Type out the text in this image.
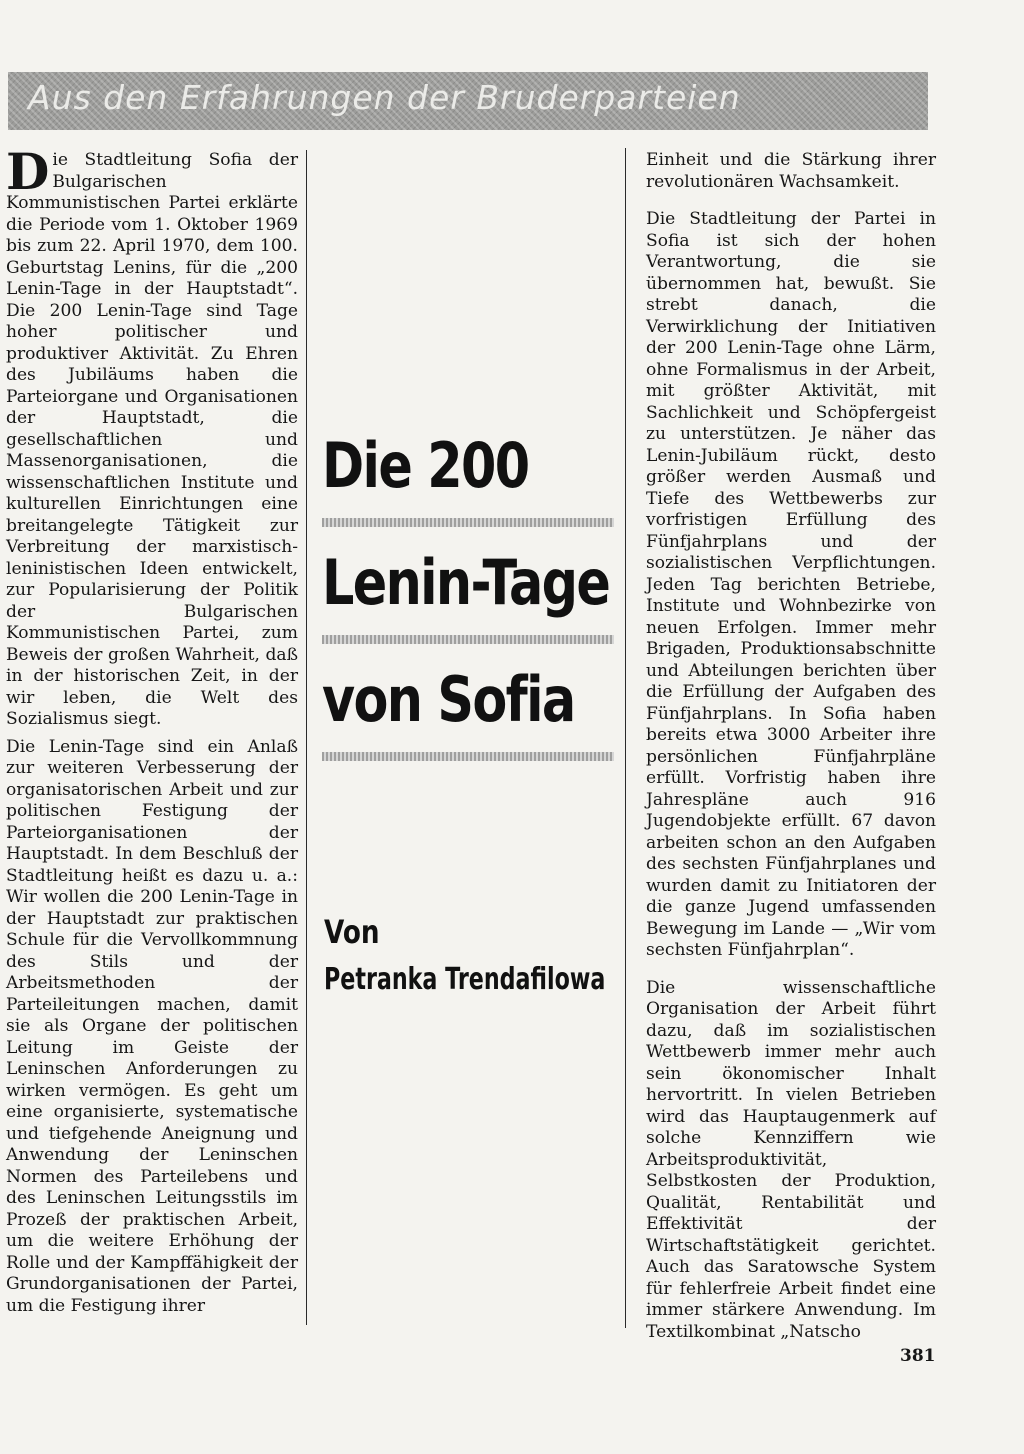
Aus den Erfahrungen der Bruderparteien

Die Stadtleitung Sofia der Bulgarischen Kommunistischen Partei erklärte die Periode vom 1. Oktober 1969 bis zum 22. April 1970, dem 100. Geburtstag Lenins, für die „200 Lenin-Tage in der Hauptstadt“. Die 200 Lenin-Tage sind Tage hoher politischer und produktiver Aktivität. Zu Ehren des Jubiläums haben die Parteiorgane und Organisationen der Hauptstadt, die gesellschaftlichen und Massenorganisationen, die wissenschaftlichen Institute und kulturellen Einrichtungen eine breitangelegte Tätigkeit zur Verbreitung der marxistisch-leninistischen Ideen entwickelt, zur Popularisierung der Politik der Bulgarischen Kommunistischen Partei, zum Beweis der großen Wahrheit, daß in der historischen Zeit, in der wir leben, die Welt des Sozialismus siegt.

Die Lenin-Tage sind ein Anlaß zur weiteren Verbesserung der organisatorischen Arbeit und zur politischen Festigung der Parteiorganisationen der Hauptstadt. In dem Beschluß der Stadtleitung heißt es dazu u. a.: Wir wollen die 200 Lenin-Tage in der Hauptstadt zur praktischen Schule für die Vervollkommnung des Stils und der Arbeitsmethoden der Parteileitungen machen, damit sie als Organe der politischen Leitung im Geiste der Leninschen Anforderungen zu wirken vermögen. Es geht um eine organisierte, systematische und tiefgehende Aneignung und Anwendung der Leninschen Normen des Parteilebens und des Leninschen Leitungsstils im Prozeß der praktischen Arbeit, um die weitere Erhöhung der Rolle und der Kampffähigkeit der Grundorganisationen der Partei, um die Festigung ihrer

Die 200
Lenin-Tage
von Sofia
Von
Petranka Trendafilowa

Einheit und die Stärkung ihrer revolutionären Wachsamkeit.

Die Stadtleitung der Partei in Sofia ist sich der hohen Verantwortung, die sie übernommen hat, bewußt. Sie strebt danach, die Verwirklichung der Initiativen der 200 Lenin-Tage ohne Lärm, ohne Formalismus in der Arbeit, mit größter Aktivität, mit Sachlichkeit und Schöpfergeist zu unterstützen. Je näher das Lenin-Jubiläum rückt, desto größer werden Ausmaß und Tiefe des Wettbewerbs zur vorfristigen Erfüllung des Fünfjahrplans und der sozialistischen Verpflichtungen. Jeden Tag berichten Betriebe, Institute und Wohnbezirke von neuen Erfolgen. Immer mehr Brigaden, Produktionsabschnitte und Abteilungen berichten über die Erfüllung der Aufgaben des Fünfjahrplans. In Sofia haben bereits etwa 3000 Arbeiter ihre persönlichen Fünfjahrpläne erfüllt. Vorfristig haben ihre Jahrespläne auch 916 Jugendobjekte erfüllt. 67 davon arbeiten schon an den Aufgaben des sechsten Fünfjahrplanes und wurden damit zu Initiatoren der die ganze Jugend umfassenden Bewegung im Lande — „Wir vom sechsten Fünfjahrplan“.

Die wissenschaftliche Organisation der Arbeit führt dazu, daß im sozialistischen Wettbewerb immer mehr auch sein ökonomischer Inhalt hervortritt. In vielen Betrieben wird das Hauptaugenmerk auf solche Kennziffern wie Arbeitsproduktivität, Selbstkosten der Produktion, Qualität, Rentabilität und Effektivität der Wirtschaftstätigkeit gerichtet. Auch das Saratowsche System für fehlerfreie Arbeit findet eine immer stärkere Anwendung. Im Textilkombinat „Natscho

381
